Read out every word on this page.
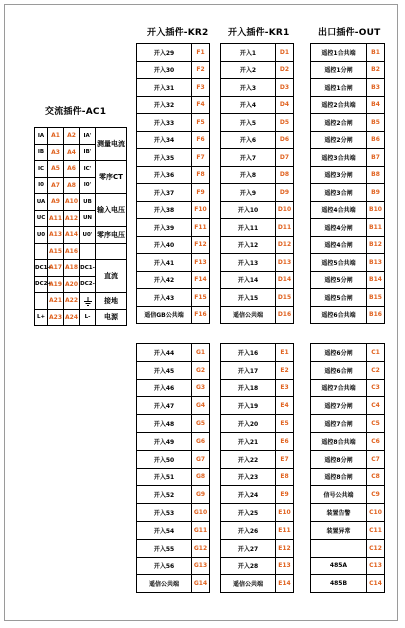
开入插件-KR2 开入插件-KR1	出口插件-OUT
交流插件-AC1
开入29	F1
开入30	F2
开入31	F3
开入32	F4
开入33	F5
开入34	F6
开入35	F7
开入36	F8
开入37	F9
开入38	F10
开入39	F11
开入40	F12
开入41	F13
开入42	F14
开入43	F15
遥信GB公共端	F16
开入1	D1
开入2	D2
开入3	D3
开入4	D4
开入5	D5
开入6	D6
开入7	D7
开入8	D8
开入9	D9
开入10	D10
开入11	D11
开入12	D12
开入13	D13
开入14	D14
开入15	D15
遥信公共端	D16
遥控1合共端	B1
遥控1分闸	B2
遥控1合闸	B3
遥控2合共端	B4
遥控2合闸	B5
遥控2分闸	B6
遥控3合共端	B7
遥控3分闸	B8
遥控3合闸	B9
遥控4合共端	B10
遥控4分闸	B11
遥控4合闸	B12
遥控5合共端	B13
遥控5分闸	B14
遥控5合闸	B15
遥控6合共端	B16
开入44	G1
开入45	G2
开入46	G3
开入47	G4
开入48	G5
开入49	G6
开入50	G7
开入51	G8
开入52	G9
开入53	G10
开入54	G11
开入55	G12
开入56	G13
遥信公共端	G14
开入16	E1
开入17	E2
开入18	E3
开入19	E4
开入20	E5
开入21	E6
开入22	E7
开入23	E8
开入24	E9
开入25	E10
开入26	E11
开入27	E12
开入28	E13
遥信公共端	E14
遥控6分闸	C1
遥控6合闸	C2
遥控7合共端	C3
遥控7分闸	C4
遥控7合闸	C5
遥控8合共端	C6
遥控8分闸	C7
遥控8合闸	C8
信号公共端	C9
装置告警	C10
装置异常	C11
	C12
485A	C13
485B	C14
IA	A1	A2	IA'	测量电流
IB	A3	A4	IB'	
IC	A5	A6	IC'	零序CT
I0	A7	A8	I0'	
UA	A9	A10	UB	输入电压
UC	A11	A12	UN	
U0	A13	A14	U0'	零序电压
	A15	A16		
DC1+	A17	A18	DC1-	直流
DC2+	A19	A20	DC2-	
	A21	A22		接地
L+	A23	A24	L-	电源
